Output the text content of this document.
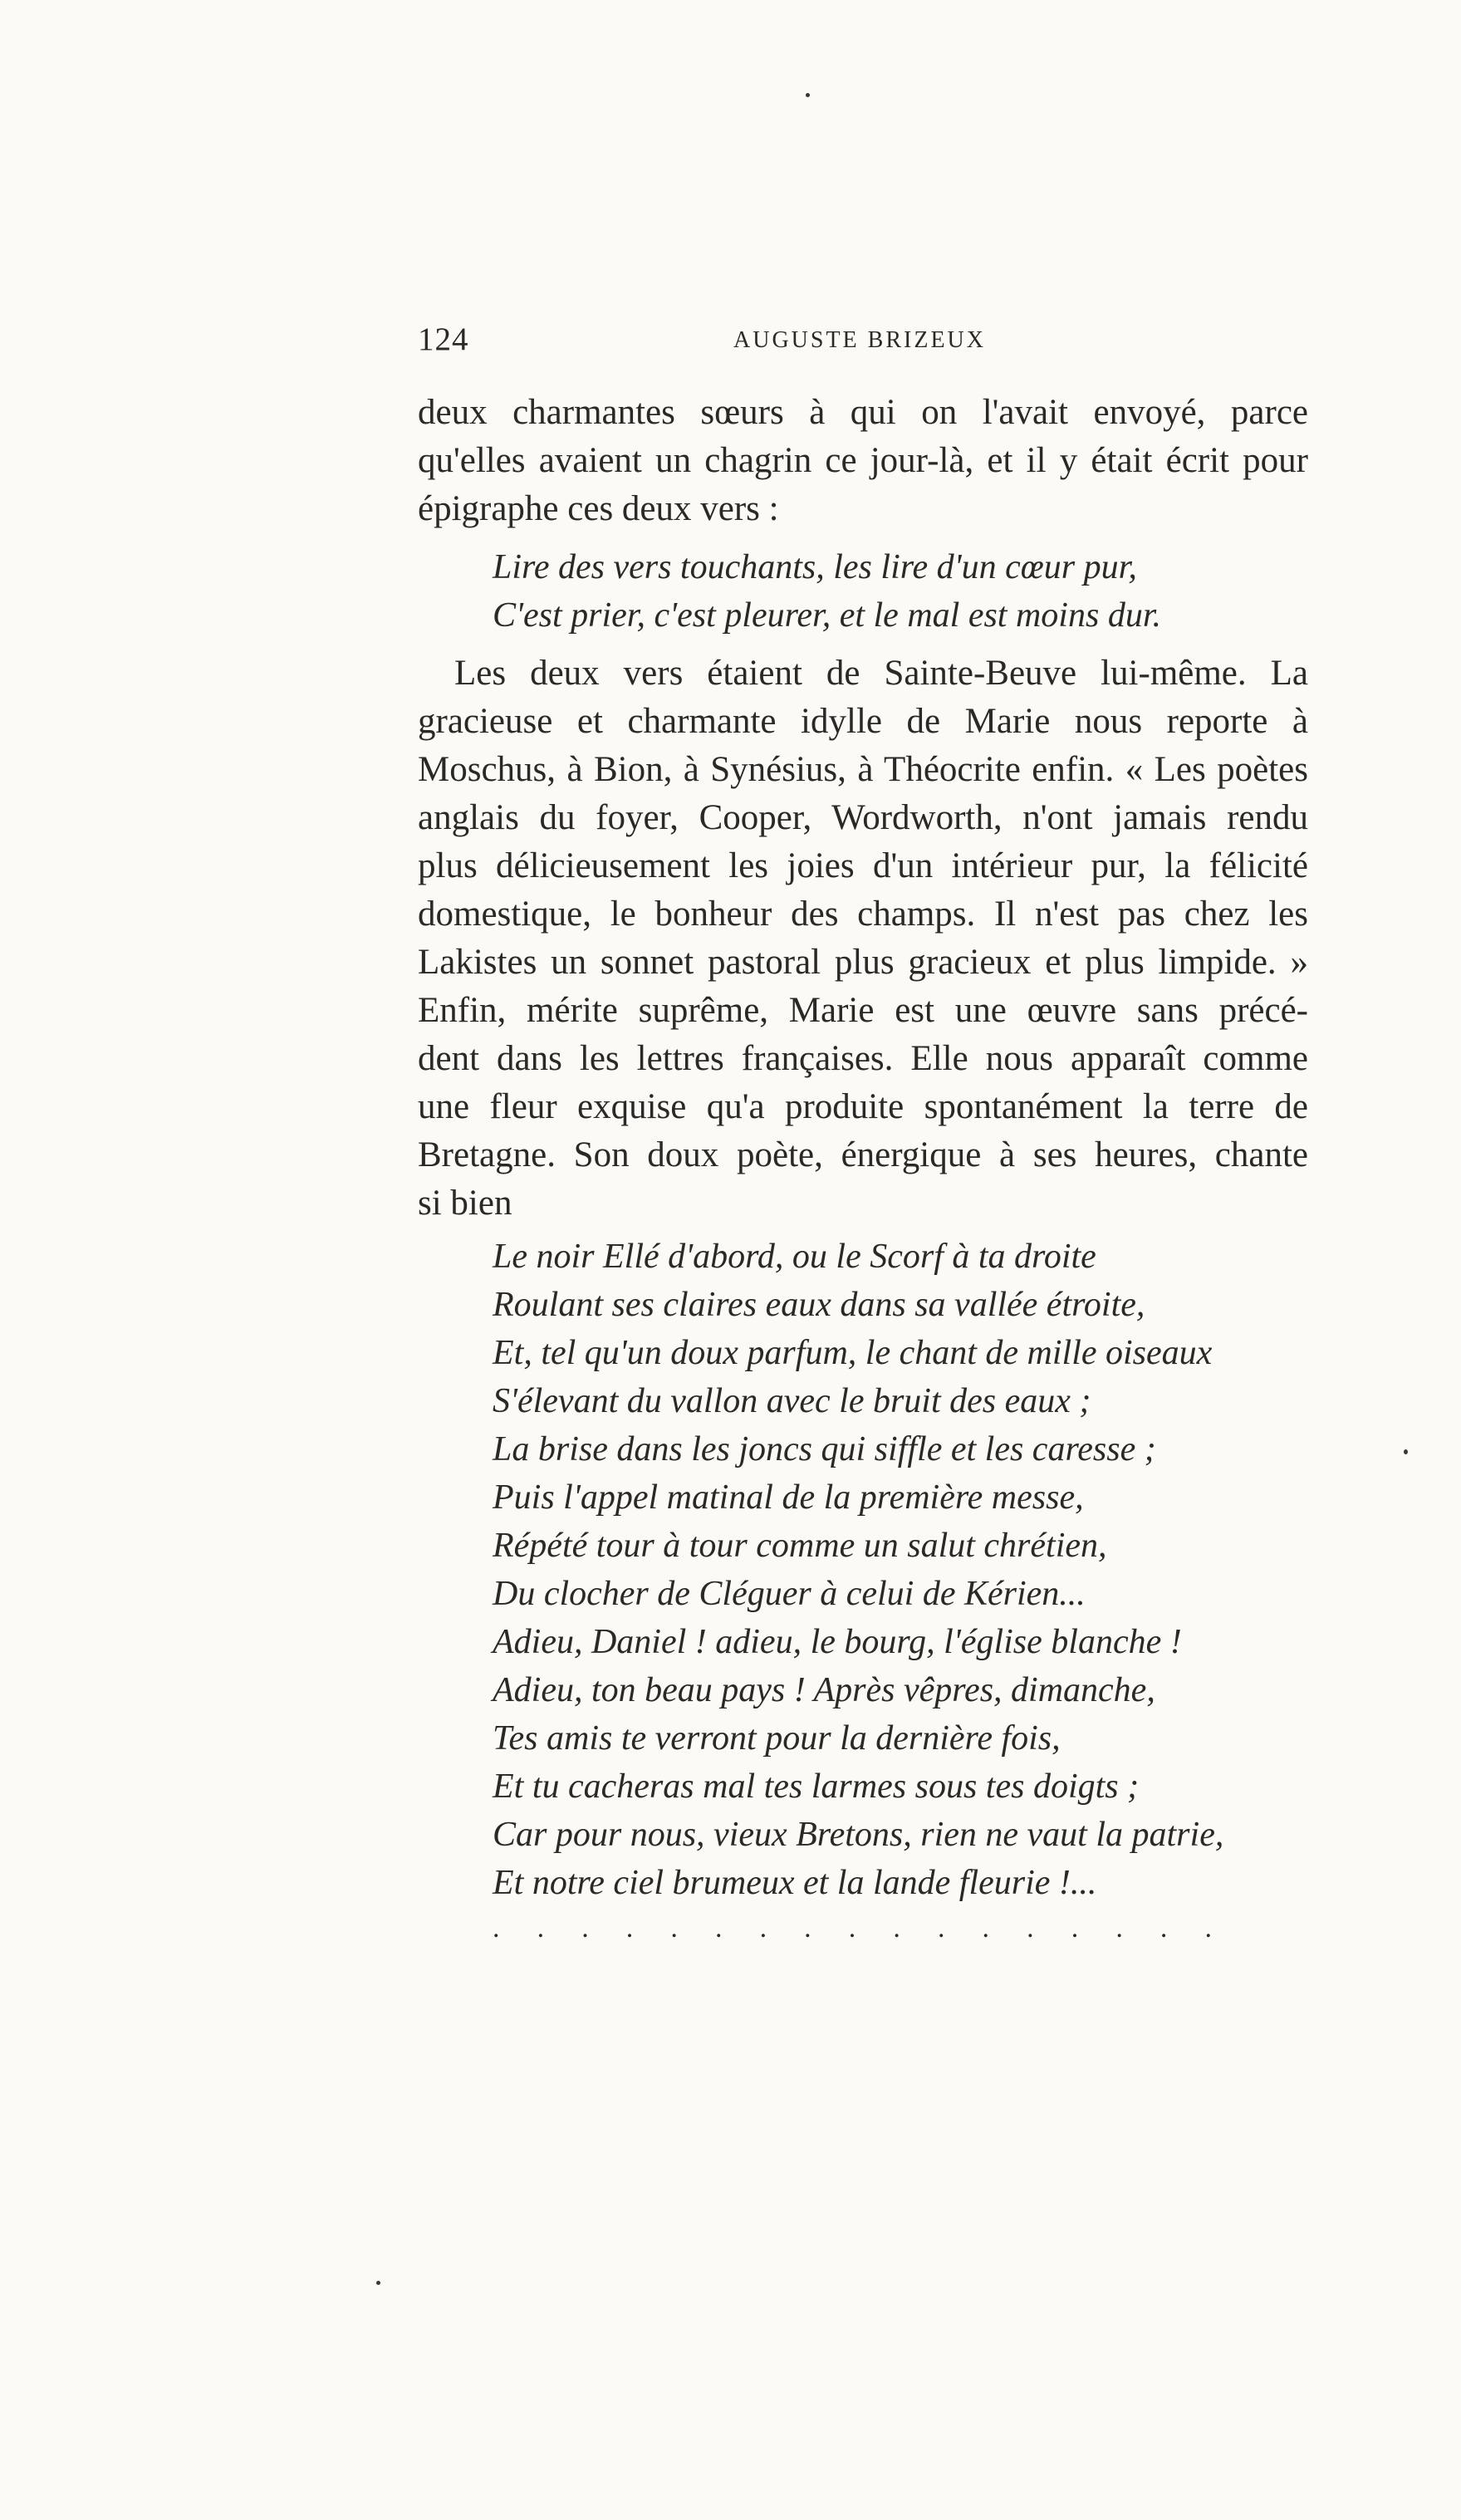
124	AUGUSTE BRIZEUX
deux charmantes sœurs à qui on l'avait envoyé, parce
qu'elles avaient un chagrin ce jour-là, et il y était écrit pour
épigraphe ces deux vers :
Lire des vers touchants, les lire d'un cœur pur,
C'est prier, c'est pleurer, et le mal est moins dur.
Les deux vers étaient de Sainte-Beuve lui-même. La
gracieuse et charmante idylle de Marie nous reporte à
Moschus, à Bion, à Synésius, à Théocrite enfin. « Les poètes
anglais du foyer, Cooper, Wordworth, n'ont jamais rendu
plus délicieusement les joies d'un intérieur pur, la félicité
domestique, le bonheur des champs. Il n'est pas chez les
Lakistes un sonnet pastoral plus gracieux et plus limpide. »
Enfin, mérite suprême, Marie est une œuvre sans précé-
dent dans les lettres françaises. Elle nous apparaît comme
une fleur exquise qu'a produite spontanément la terre de
Bretagne. Son doux poète, énergique à ses heures, chante
si bien
Le noir Ellé d'abord, ou le Scorf à ta droite
Roulant ses claires eaux dans sa vallée étroite,
Et, tel qu'un doux parfum, le chant de mille oiseaux
S'élevant du vallon avec le bruit des eaux ;
La brise dans les joncs qui siffle et les caresse ;
Puis l'appel matinal de la première messe,
Répété tour à tour comme un salut chrétien,
Du clocher de Cléguer à celui de Kérien...
Adieu, Daniel ! adieu, le bourg, l'église blanche !
Adieu, ton beau pays ! Après vêpres, dimanche,
Tes amis te verront pour la dernière fois,
Et tu cacheras mal tes larmes sous tes doigts ;
Car pour nous, vieux Bretons, rien ne vaut la patrie,
Et notre ciel brumeux et la lande fleurie !...
. . . . . . . . . . . . . . . . .
